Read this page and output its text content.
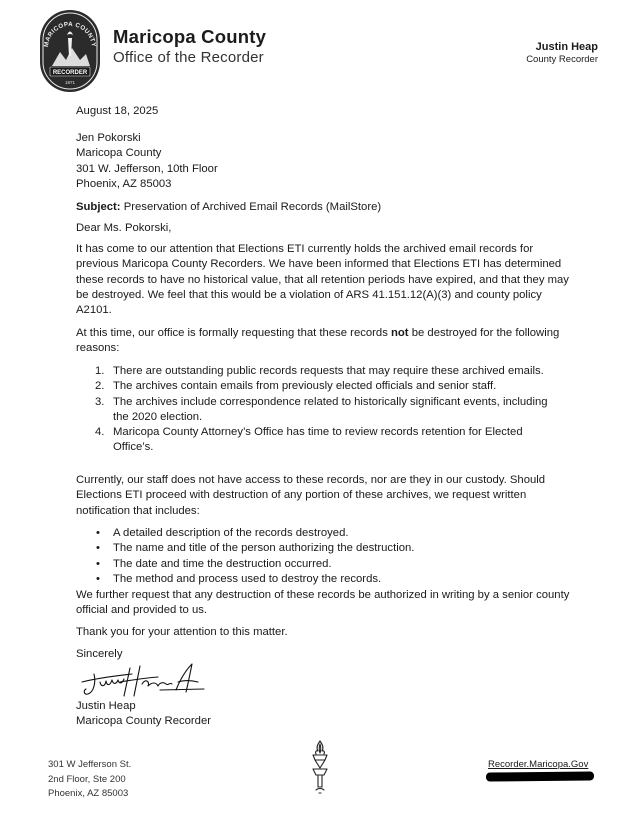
MARICOPA COUNTY
RECORDER
1871
Maricopa County
Office of the Recorder
Justin Heap
County Recorder
August 18, 2025

Jen Pokorski

Maricopa County

301 W. Jefferson, 10th Floor

Phoenix, AZ 85003

Subject: Preservation of Archived Email Records (MailStore)
Dear Ms. Pokorski,
It has come to our attention that Elections ETI currently holds the archived email records for previous Maricopa County Recorders. We have been informed that Elections ETI has determined these records to have no historical value, that all retention periods have expired, and that they may be destroyed. We feel that this would be a violation of ARS 41.151.12(A)(3) and county policy A2101.
At this time, our office is formally requesting that these records not be destroyed for the following reasons:
1. There are outstanding public records requests that may require these archived emails.
2. The archives contain emails from previously elected officials and senior staff.
3. The archives include correspondence related to historically significant events, including the 2020 election.
4. Maricopa County Attorney’s Office has time to review records retention for Elected Office’s.
Currently, our staff does not have access to these records, nor are they in our custody. Should Elections ETI proceed with destruction of any portion of these archives, we request written notification that includes:
• A detailed description of the records destroyed.
• The name and title of the person authorizing the destruction.
• The date and time the destruction occurred.
• The method and process used to destroy the records.
We further request that any destruction of these records be authorized in writing by a senior county official and provided to us.
Thank you for your attention to this matter.
Sincerely

Justin Heap

Maricopa County Recorder

301 W Jefferson St.
2nd Floor, Ste 200
Phoenix, AZ 85003
Recorder.Maricopa.Gov
